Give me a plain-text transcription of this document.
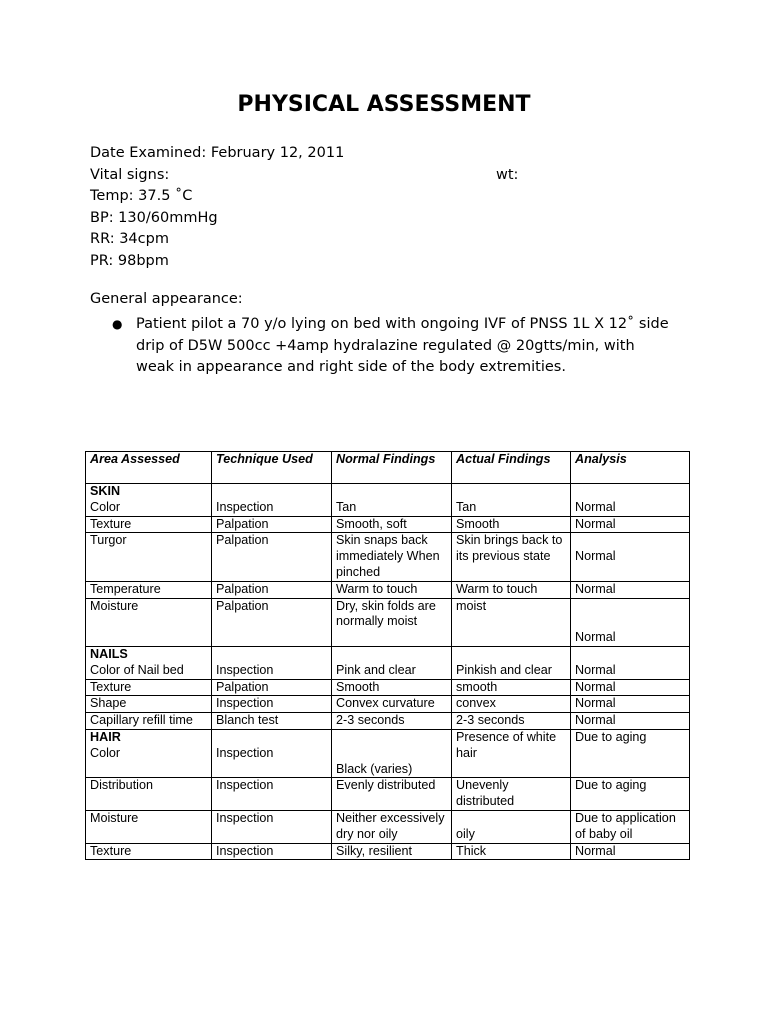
PHYSICAL ASSESSMENT
Date Examined: February 12, 2011
Vital signs:	wt:
Temp: 37.5 ˚C
BP: 130/60mmHg
RR: 34cpm
PR: 98bpm
General appearance:
● Patient pilot a 70 y/o lying on bed with ongoing IVF of PNSS 1L X 12˚ side drip of D5W 500cc +4amp hydralazine regulated @ 20gtts/min, with weak in appearance and right side of the body extremities.
Area Assessed	Technique Used	Normal Findings	Actual Findings	Analysis

SKIN
Color	Inspection	Tan	Tan	Normal

Texture	Palpation	Smooth, soft	Smooth	Normal

Turgor	Palpation	Skin snaps back immediately When pinched	Skin brings back to its previous state	Normal

Temperature	Palpation	Warm to touch	Warm to touch	Normal

Moisture	Palpation	Dry, skin folds are normally moist	moist	Normal

NAILS
Color of Nail bed	Inspection	Pink and clear	Pinkish and clear	Normal

Texture	Palpation	Smooth	smooth	Normal

Shape	Inspection	Convex curvature	convex	Normal

Capillary refill time	Blanch test	2-3 seconds	2-3 seconds	Normal

HAIR
Color	Inspection	Black (varies)	Presence of white hair	Due to aging

Distribution	Inspection	Evenly distributed	Unevenly distributed	Due to aging

Moisture	Inspection	Neither excessively dry nor oily	oily	Due to application of baby oil

Texture	Inspection	Silky, resilient	Thick	Normal
